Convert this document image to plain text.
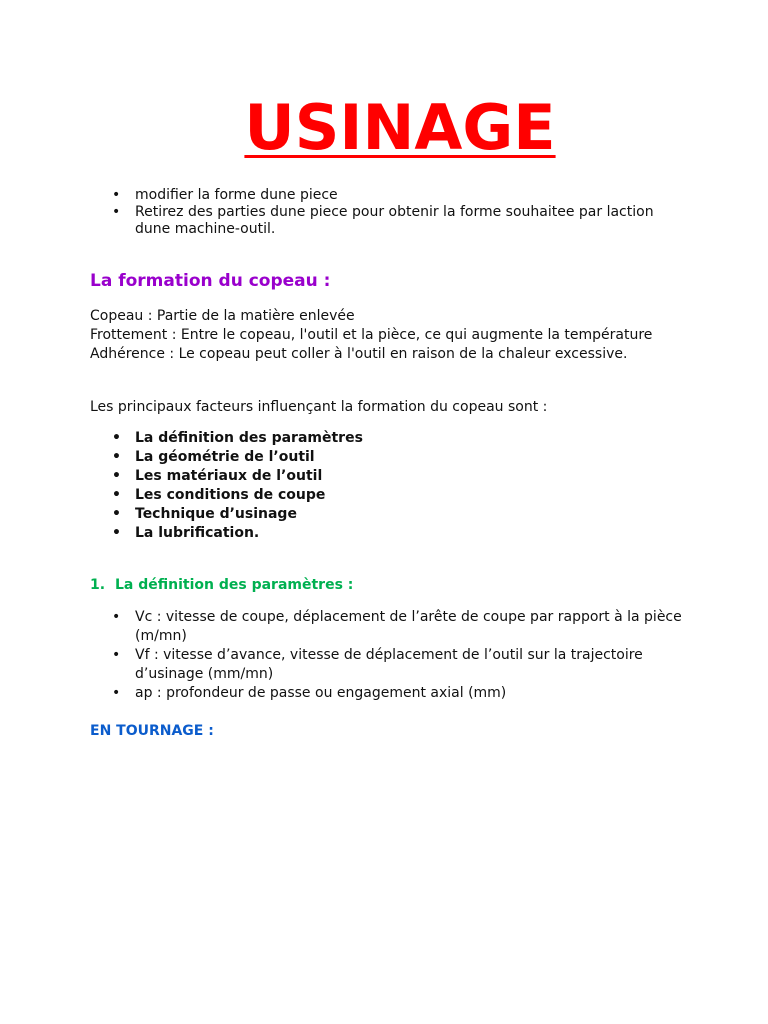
USINAGE
• modifier la forme dune piece
• Retirez des parties dune piece pour obtenir la forme souhaitee par laction dune machine-outil.
La formation du copeau :
Copeau : Partie de la matière enlevée
Frottement : Entre le copeau, l'outil et la pièce, ce qui augmente la température
Adhérence : Le copeau peut coller à l'outil en raison de la chaleur excessive.
Les principaux facteurs influençant la formation du copeau sont :
• La définition des paramètres
• La géométrie de l’outil
• Les matériaux de l’outil
• Les conditions de coupe
• Technique d’usinage
• La lubrification.
1. La définition des paramètres :
• Vc : vitesse de coupe, déplacement de l’arête de coupe par rapport à la pièce (m/mn)
• Vf : vitesse d’avance, vitesse de déplacement de l’outil sur la trajectoire d’usinage (mm/mn)
• ap : profondeur de passe ou engagement axial (mm)
EN TOURNAGE :
